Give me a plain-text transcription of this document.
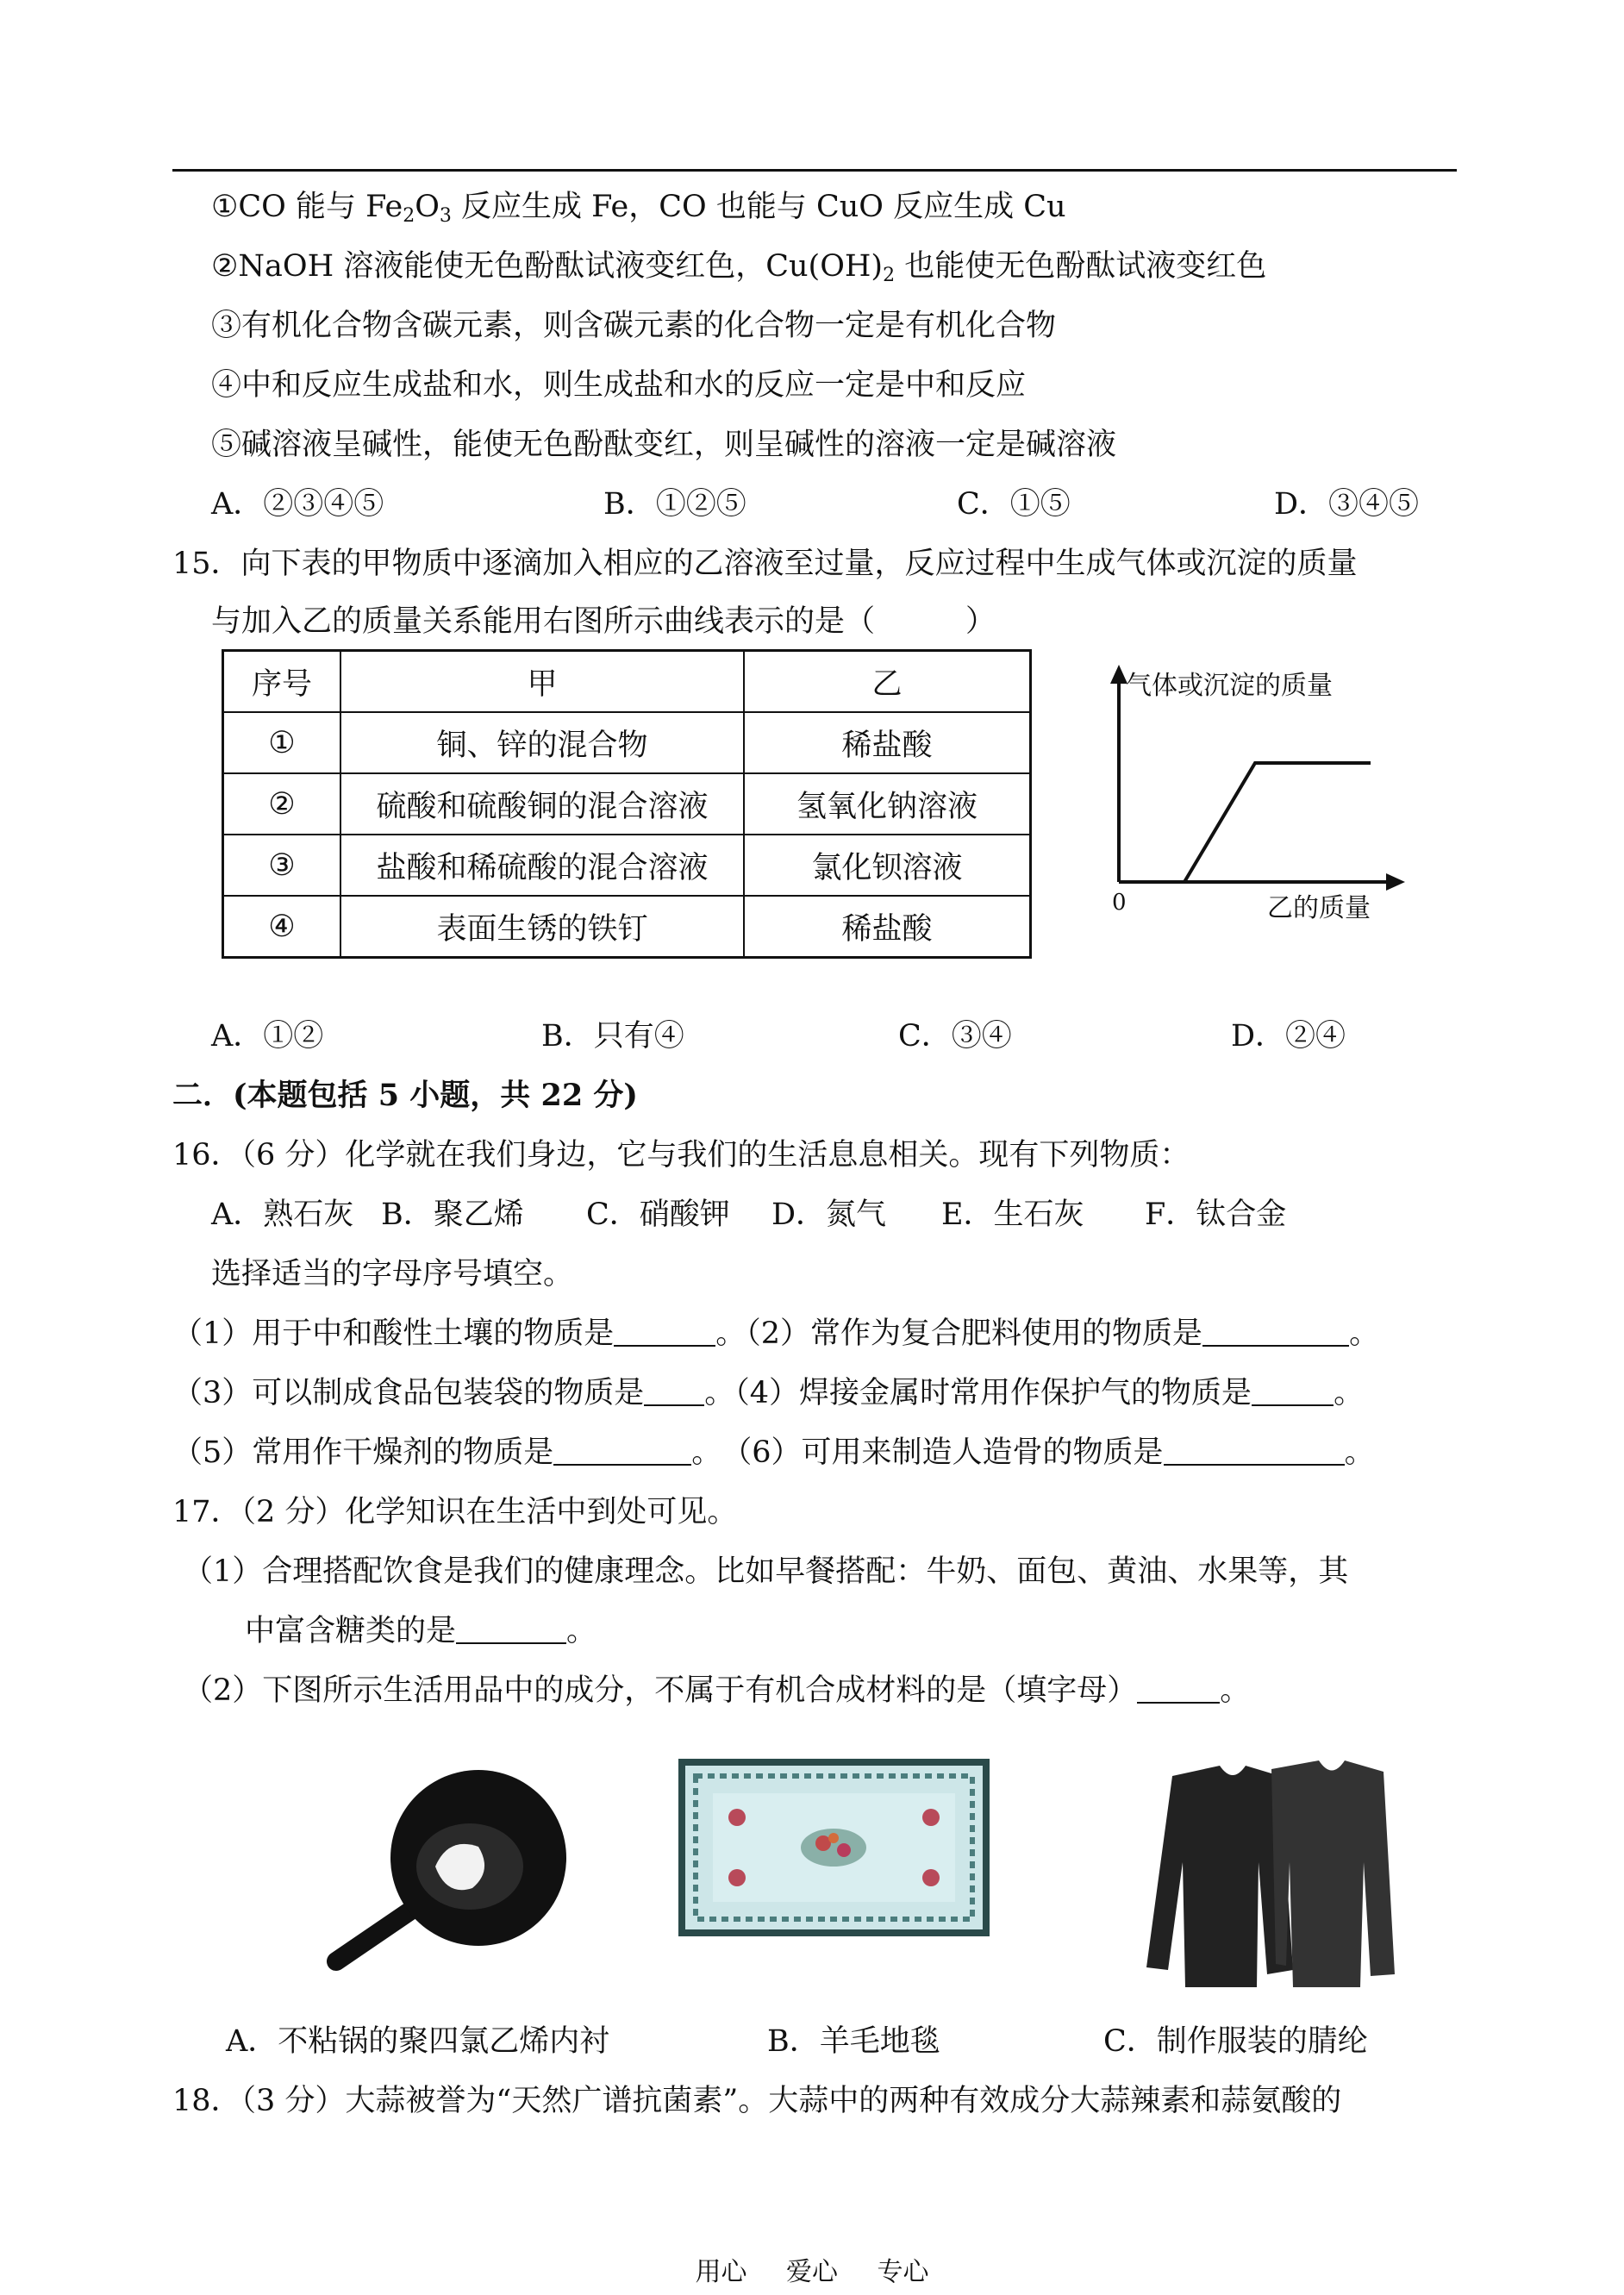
①CO 能与 $Fe_2O_3$ 反应生成 Fe，CO 也能与 CuO 反应生成 Cu
②NaOH 溶液能使无色酚酞试液变红色，$Cu(OH)_2$ 也能使无色酚酞试液变红色
③有机化合物含碳元素，则含碳元素的化合物一定是有机化合物
④中和反应生成盐和水，则生成盐和水的反应一定是中和反应
⑤碱溶液呈碱性，能使无色酚酞变红，则呈碱性的溶液一定是碱溶液
A．②③④⑤	B．①②⑤	C．①⑤	D．③④⑤
15．向下表的甲物质中逐滴加入相应的乙溶液至过量，反应过程中生成气体或沉淀的质量
与加入乙的质量关系能用右图所示曲线表示的是（　　　）
序号	甲	乙
①	铜、锌的混合物	稀盐酸
②	硫酸和硫酸铜的混合溶液	氢氧化钠溶液
③	盐酸和稀硫酸的混合溶液	氯化钡溶液
④	表面生锈的铁钉	稀盐酸
气体或沉淀的质量
0	乙的质量
A．①②	B．只有④	C．③④	D．②④
二．(本题包括 5 小题，共 22 分)
16．（6 分）化学就在我们身边，它与我们的生活息息相关。现有下列物质：
A．熟石灰 B．聚乙烯 C．硝酸钾 D．氮气 E．生石灰 F．钛合金
选择适当的字母序号填空。
（1）用于中和酸性土壤的物质是	。（2）常作为复合肥料使用的物质是	。
（3）可以制成食品包装袋的物质是 。（4）焊接金属时常用作保护气的物质是	。
（5）常用作干燥剂的物质是	。　（6）可用来制造人造骨的物质是	。
17．（2 分）化学知识在生活中到处可见。
（1）合理搭配饮食是我们的健康理念。比如早餐搭配：牛奶、面包、黄油、水果等，其
中富含糖类的是	。
（2）下图所示生活用品中的成分，不属于有机合成材料的是（填字母）	。
A．不粘锅的聚四氯乙烯内衬	B．羊毛地毯	C．制作服装的腈纶
18．（3 分）大蒜被誉为“天然广谱抗菌素”。大蒜中的两种有效成分大蒜辣素和蒜氨酸的
用心 爱心 专心
